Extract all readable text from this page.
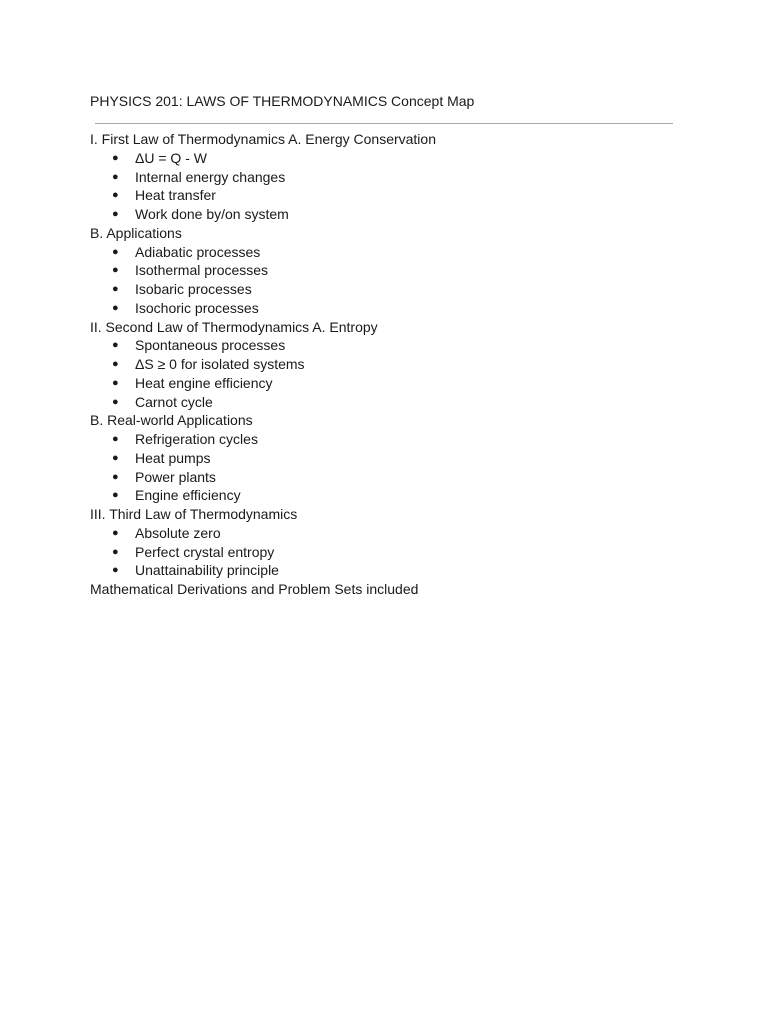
PHYSICS 201: LAWS OF THERMODYNAMICS Concept Map
I. First Law of Thermodynamics A. Energy Conservation
● ΔU = Q - W
● Internal energy changes
● Heat transfer
● Work done by/on system
B. Applications
● Adiabatic processes
● Isothermal processes
● Isobaric processes
● Isochoric processes
II. Second Law of Thermodynamics A. Entropy
● Spontaneous processes
● ΔS ≥ 0 for isolated systems
● Heat engine efficiency
● Carnot cycle
B. Real-world Applications
● Refrigeration cycles
● Heat pumps
● Power plants
● Engine efficiency
III. Third Law of Thermodynamics
● Absolute zero
● Perfect crystal entropy
● Unattainability principle
Mathematical Derivations and Problem Sets included
